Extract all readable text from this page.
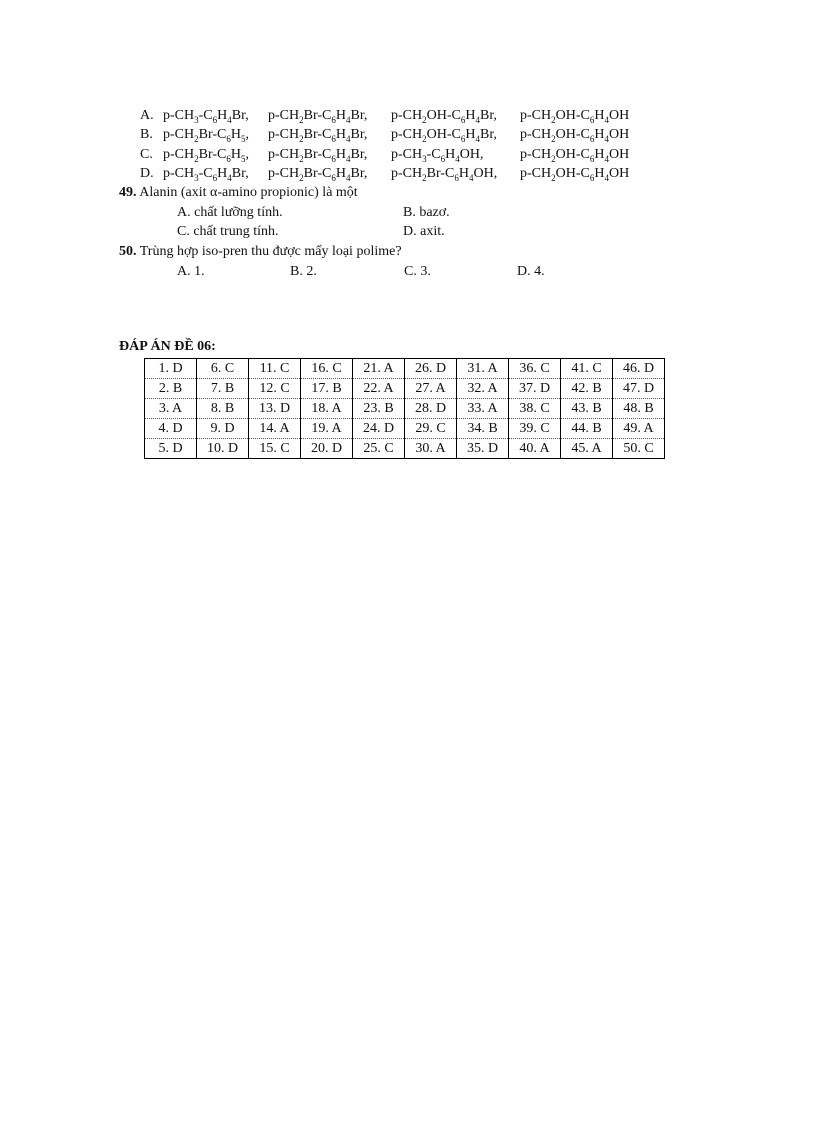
A. $p-CH_3-C_6H_4Br$, $p-CH_2Br-C_6H_4Br$, $p-CH_2OH-C_6H_4Br$, $p-CH_2OH-C_6H_4OH$
B. $p-CH_2Br-C_6H_5$, $p-CH_2Br-C_6H_4Br$, $p-CH_2OH-C_6H_4Br$, $p-CH_2OH-C_6H_4OH$
C. $p-CH_2Br-C_6H_5$, $p-CH_2Br-C_6H_4Br$, $p-CH_3-C_6H_4OH$,	$p-CH_2OH-C_6H_4OH$
D. $p-CH_3-C_6H_4Br$, $p-CH_2Br-C_6H_4Br$, $p-CH_2Br-C_6H_4OH$, $p-CH_2OH-C_6H_4OH$
49. Alanin (axit α-amino propionic) là một
A. chất lưỡng tính.	B. bazơ.
C. chất trung tính.	D. axit.
50. Trùng hợp iso-pren thu được mấy loại polime?
A. 1.	B. 2.	C. 3.	D. 4.
ĐÁP ÁN ĐỀ 06:
1. D	6. C	11. C	16. C	21. A	26. D	31. A	36. C	41. C	46. D
2. B	7. B	12. C	17. B	22. A	27. A	32. A	37. D	42. B	47. D
3. A	8. B	13. D	18. A	23. B	28. D	33. A	38. C	43. B	48. B
4. D	9. D	14. A	19. A	24. D	29. C	34. B	39. C	44. B	49. A
5. D	10. D	15. C	20. D	25. C	30. A	35. D	40. A	45. A	50. C
